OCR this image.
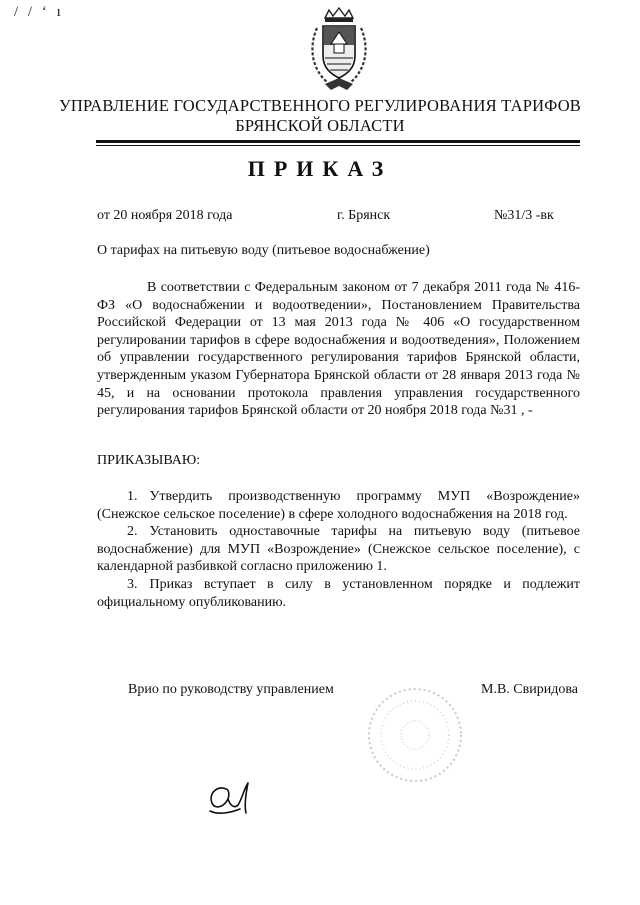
/ / ʻ ı
УПРАВЛЕНИЕ ГОСУДАРСТВЕННОГО РЕГУЛИРОВАНИЯ ТАРИФОВ
БРЯНСКОЙ ОБЛАСТИ
ПРИКАЗ
от 20 ноября 2018 года	г. Брянск	№31/3 -вк
О тарифах на питьевую воду (питьевое водоснабжение)

В соответствии с Федеральным законом от 7 декабря 2011 года № 416-ФЗ «О водоснабжении и водоотведении», Постановлением Правительства Российской Федерации от 13 мая 2013 года № 406 «О государственном регулировании тарифов в сфере водоснабжения и водоотведения», Положением об управлении государственного регулирования тарифов Брянской области, утвержденным указом Губернатора Брянской области от 28 января 2013 года № 45, и на основании протокола правления управления государственного регулирования тарифов Брянской области от 20 ноября 2018 года №31 , -

ПРИКАЗЫВАЮ:
1. Утвердить производственную программу МУП «Возрождение» (Снежское сельское поселение) в сфере холодного водоснабжения на 2018 год.
2. Установить одноставочные тарифы на питьевую воду (питьевое водоснабжение) для МУП «Возрождение» (Снежское сельское поселение), с календарной разбивкой согласно приложению 1.
3. Приказ вступает в силу в установленном порядке и подлежит официальному опубликованию.
Врио по руководству управлением	М.В. Свиридова
